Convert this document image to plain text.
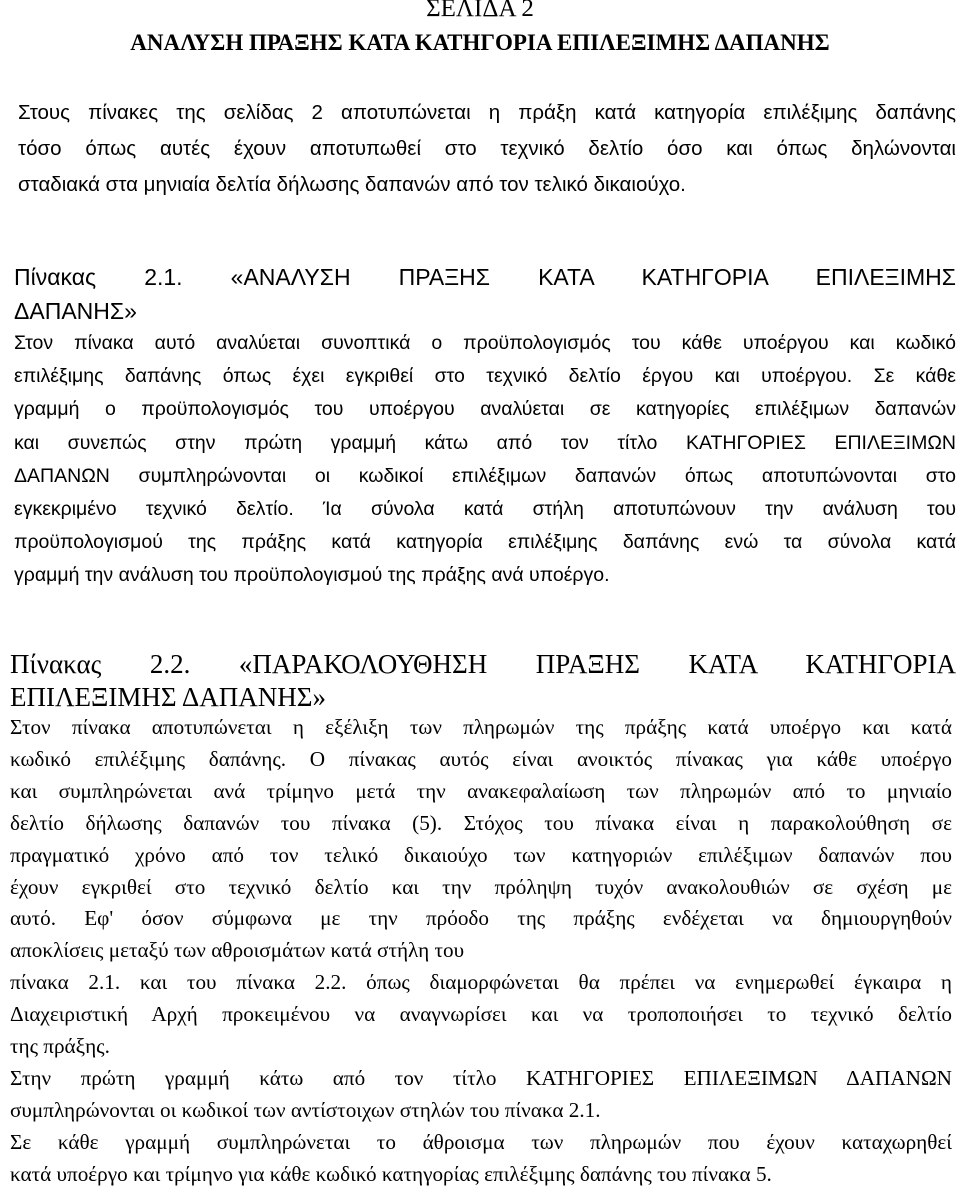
ΣΕΛΙΔΑ 2
ΑΝΑΛΥΣΗ ΠΡΑΞΗΣ ΚΑΤΑ ΚΑΤΗΓΟΡΙΑ ΕΠΙΛΕΞΙΜΗΣ ΔΑΠΑΝΗΣ
Στους πίνακες της σελίδας 2 αποτυπώνεται η πράξη κατά κατηγορία επιλέξιμης δαπάνης
τόσο όπως αυτές έχουν αποτυπωθεί στο τεχνικό δελτίο όσο και όπως δηλώνονται
σταδιακά στα μηνιαία δελτία δήλωσης δαπανών από τον τελικό δικαιούχο.
Πίνακας 2.1. «ΑΝΑΛΥΣΗ ΠΡΑΞΗΣ ΚΑΤΑ ΚΑΤΗΓΟΡΙΑ ΕΠΙΛΕΞΙΜΗΣ
ΔΑΠΑΝΗΣ»
Στον πίνακα αυτό αναλύεται συνοπτικά ο προϋπολογισμός του κάθε υποέργου και κωδικό
επιλέξιμης δαπάνης όπως έχει εγκριθεί στο τεχνικό δελτίο έργου και υποέργου. Σε κάθε
γραμμή ο προϋπολογισμός του υποέργου αναλύεται σε κατηγορίες επιλέξιμων δαπανών
και συνεπώς στην πρώτη γραμμή κάτω από τον τίτλο ΚΑΤΗΓΟΡΙΕΣ ΕΠΙΛΕΞΙΜΩΝ
ΔΑΠΑΝΩΝ συμπληρώνονται οι κωδικοί επιλέξιμων δαπανών όπως αποτυπώνονται στο
εγκεκριμένο τεχνικό δελτίο. Ία σύνολα κατά στήλη αποτυπώνουν την ανάλυση του
προϋπολογισμού της πράξης κατά κατηγορία επιλέξιμης δαπάνης ενώ τα σύνολα κατά
γραμμή την ανάλυση του προϋπολογισμού της πράξης ανά υποέργο.
Πίνακας 2.2. «ΠΑΡΑΚΟΛΟΥΘΗΣΗ ΠΡΑΞΗΣ ΚΑΤΑ ΚΑΤΗΓΟΡΙΑ
ΕΠΙΛΕΞΙΜΗΣ ΔΑΠΑΝΗΣ»
Στον πίνακα αποτυπώνεται η εξέλιξη των πληρωμών της πράξης κατά υποέργο και κατά
κωδικό επιλέξιμης δαπάνης. Ο πίνακας αυτός είναι ανοικτός πίνακας για κάθε υποέργο
και συμπληρώνεται ανά τρίμηνο μετά την ανακεφαλαίωση των πληρωμών από το μηνιαίο
δελτίο δήλωσης δαπανών του πίνακα (5). Στόχος του πίνακα είναι η παρακολούθηση σε
πραγματικό χρόνο από τον τελικό δικαιούχο των κατηγοριών επιλέξιμων δαπανών που
έχουν εγκριθεί στο τεχνικό δελτίο και την πρόληψη τυχόν ανακολουθιών σε σχέση με
αυτό. Εφ' όσον σύμφωνα με την πρόοδο της πράξης ενδέχεται να δημιουργηθούν
αποκλίσεις μεταξύ των αθροισμάτων κατά στήλη του
πίνακα 2.1. και του πίνακα 2.2. όπως διαμορφώνεται θα πρέπει να ενημερωθεί έγκαιρα η
Διαχειριστική Αρχή προκειμένου να αναγνωρίσει και να τροποποιήσει το τεχνικό δελτίο
της πράξης.
Στην πρώτη γραμμή κάτω από τον τίτλο ΚΑΤΗΓΟΡΙΕΣ ΕΠΙΛΕΞΙΜΩΝ ΔΑΠΑΝΩΝ
συμπληρώνονται οι κωδικοί των αντίστοιχων στηλών του πίνακα 2.1.
Σε κάθε γραμμή συμπληρώνεται το άθροισμα των πληρωμών που έχουν καταχωρηθεί
κατά υποέργο και τρίμηνο για κάθε κωδικό κατηγορίας επιλέξιμης δαπάνης του πίνακα 5.
